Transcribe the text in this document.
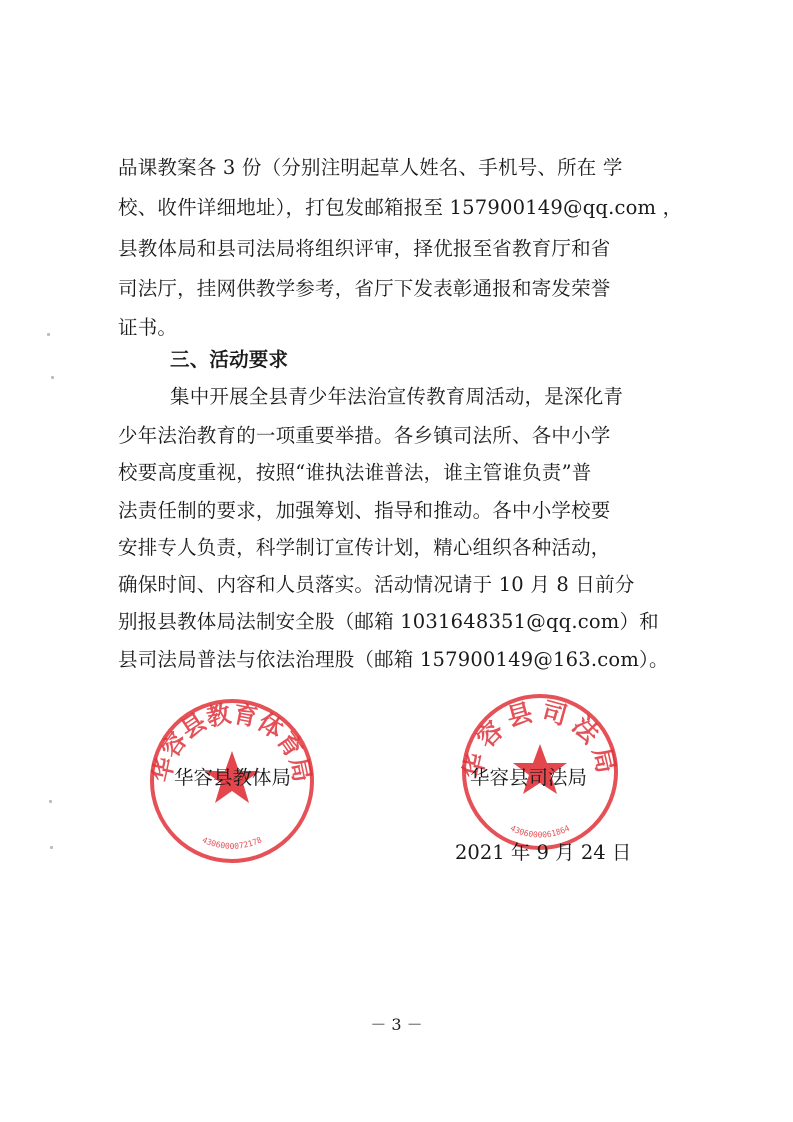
品课教案各 3 份（分别注明起草人姓名、手机号、所在 学
校、收件详细地址），打包发邮箱报至 157900149@qq.com ，
县教体局和县司法局将组织评审，择优报至省教育厅和省
司法厅，挂网供教学参考，省厅下发表彰通报和寄发荣誉
证书。
三、活动要求
集中开展全县青少年法治宣传教育周活动，是深化青
少年法治教育的一项重要举措。各乡镇司法所、各中小学
校要高度重视，按照“谁执法谁普法，谁主管谁负责”普
法责任制的要求，加强筹划、指导和推动。各中小学校要
安排专人负责，科学制订宣传计划，精心组织各种活动，
确保时间、内容和人员落实。活动情况请于 10 月 8 日前分
别报县教体局法制安全股（邮箱 1031648351@qq.com）和
县司法局普法与依法治理股（邮箱 157900149@163.com）。
华容县教育体育局
4306000072178
华容县司法局
4306000061864
华容县教体局	华容县司法局
2021 年 9 月 24 日
－ 3 －
